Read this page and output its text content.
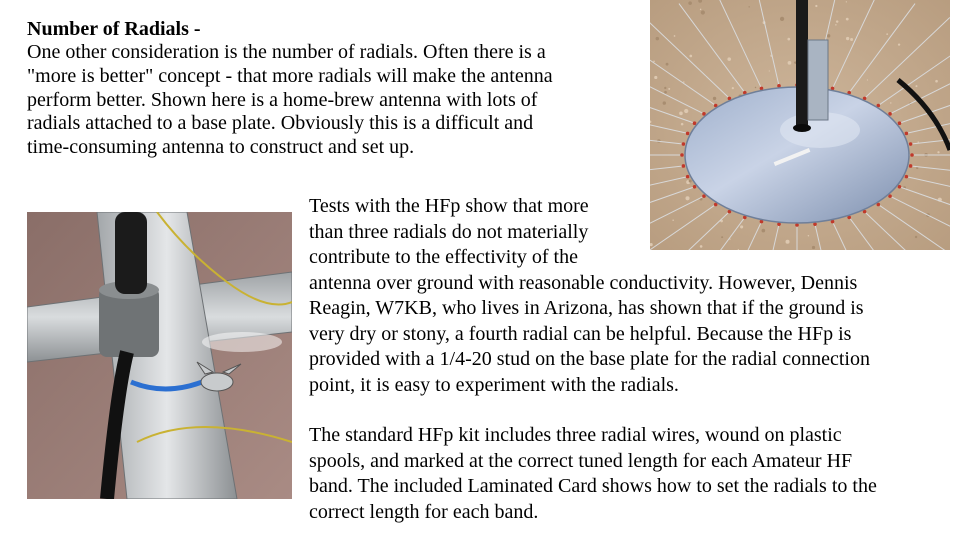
Number of Radials -
One other consideration is the number of radials. Often there is a
"more is better" concept - that more radials will make the antenna
perform better. Shown here is a home-brew antenna with lots of
radials attached to a base plate. Obviously this is a difficult and
time-consuming antenna to construct and set up.
Tests with the HFp show that more
than three radials do not materially
contribute to the effectivity of the
antenna over ground with reasonable conductivity. However, Dennis
Reagin, W7KB, who lives in Arizona, has shown that if the ground is
very dry or stony, a fourth radial can be helpful. Because the HFp is
provided with a 1/4-20 stud on the base plate for the radial connection
point, it is easy to experiment with the radials.
The standard HFp kit includes three radial wires, wound on plastic
spools, and marked at the correct tuned length for each Amateur HF
band. The included Laminated Card shows how to set the radials to the
correct length for each band.
